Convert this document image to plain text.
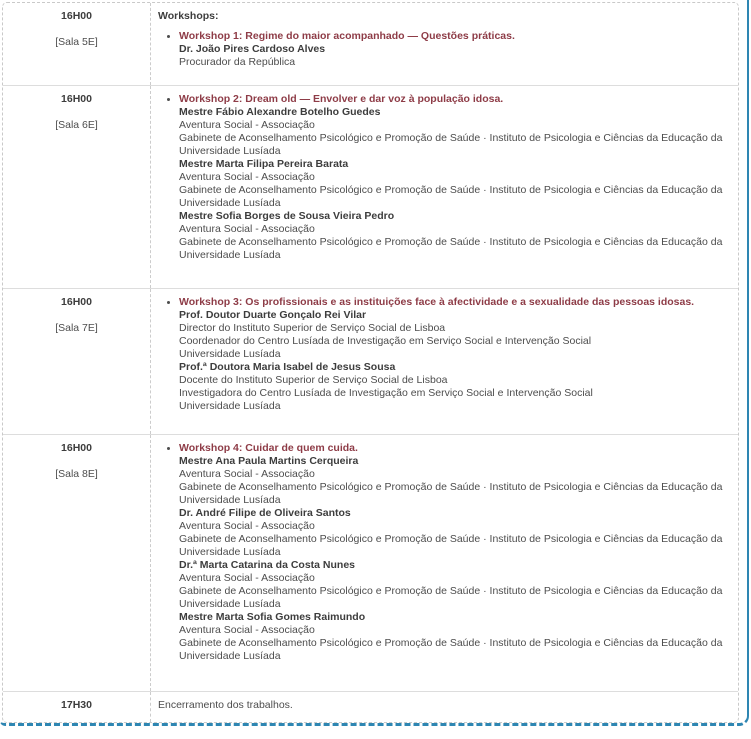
16H00
[Sala 5E]
Workshops:
• Workshop 1: Regime do maior acompanhado — Questões práticas.
Dr. João Pires Cardoso Alves
Procurador da República
16H00
[Sala 6E]
• Workshop 2: Dream old — Envolver e dar voz à população idosa.
Mestre Fábio Alexandre Botelho Guedes
Aventura Social - Associação
Gabinete de Aconselhamento Psicológico e Promoção de Saúde · Instituto de Psicologia e Ciências da Educação da
Universidade Lusíada
Mestre Marta Filipa Pereira Barata
Aventura Social - Associação
Gabinete de Aconselhamento Psicológico e Promoção de Saúde · Instituto de Psicologia e Ciências da Educação da
Universidade Lusíada
Mestre Sofia Borges de Sousa Vieira Pedro
Aventura Social - Associação
Gabinete de Aconselhamento Psicológico e Promoção de Saúde · Instituto de Psicologia e Ciências da Educação da
Universidade Lusíada
16H00
[Sala 7E]
• Workshop 3: Os profissionais e as instituições face à afectividade e a sexualidade das pessoas idosas.
Prof. Doutor Duarte Gonçalo Rei Vilar
Director do Instituto Superior de Serviço Social de Lisboa
Coordenador do Centro Lusíada de Investigação em Serviço Social e Intervenção Social
Universidade Lusíada
Prof.ª Doutora Maria Isabel de Jesus Sousa
Docente do Instituto Superior de Serviço Social de Lisboa
Investigadora do Centro Lusíada de Investigação em Serviço Social e Intervenção Social
Universidade Lusíada
16H00
[Sala 8E]
• Workshop 4: Cuidar de quem cuida.
Mestre Ana Paula Martins Cerqueira
Aventura Social - Associação
Gabinete de Aconselhamento Psicológico e Promoção de Saúde · Instituto de Psicologia e Ciências da Educação da
Universidade Lusíada
Dr. André Filipe de Oliveira Santos
Aventura Social - Associação
Gabinete de Aconselhamento Psicológico e Promoção de Saúde · Instituto de Psicologia e Ciências da Educação da
Universidade Lusíada
Dr.ª Marta Catarina da Costa Nunes
Aventura Social - Associação
Gabinete de Aconselhamento Psicológico e Promoção de Saúde · Instituto de Psicologia e Ciências da Educação da
Universidade Lusíada
Mestre Marta Sofia Gomes Raimundo
Aventura Social - Associação
Gabinete de Aconselhamento Psicológico e Promoção de Saúde · Instituto de Psicologia e Ciências da Educação da
Universidade Lusíada
17H30	Encerramento dos trabalhos.
